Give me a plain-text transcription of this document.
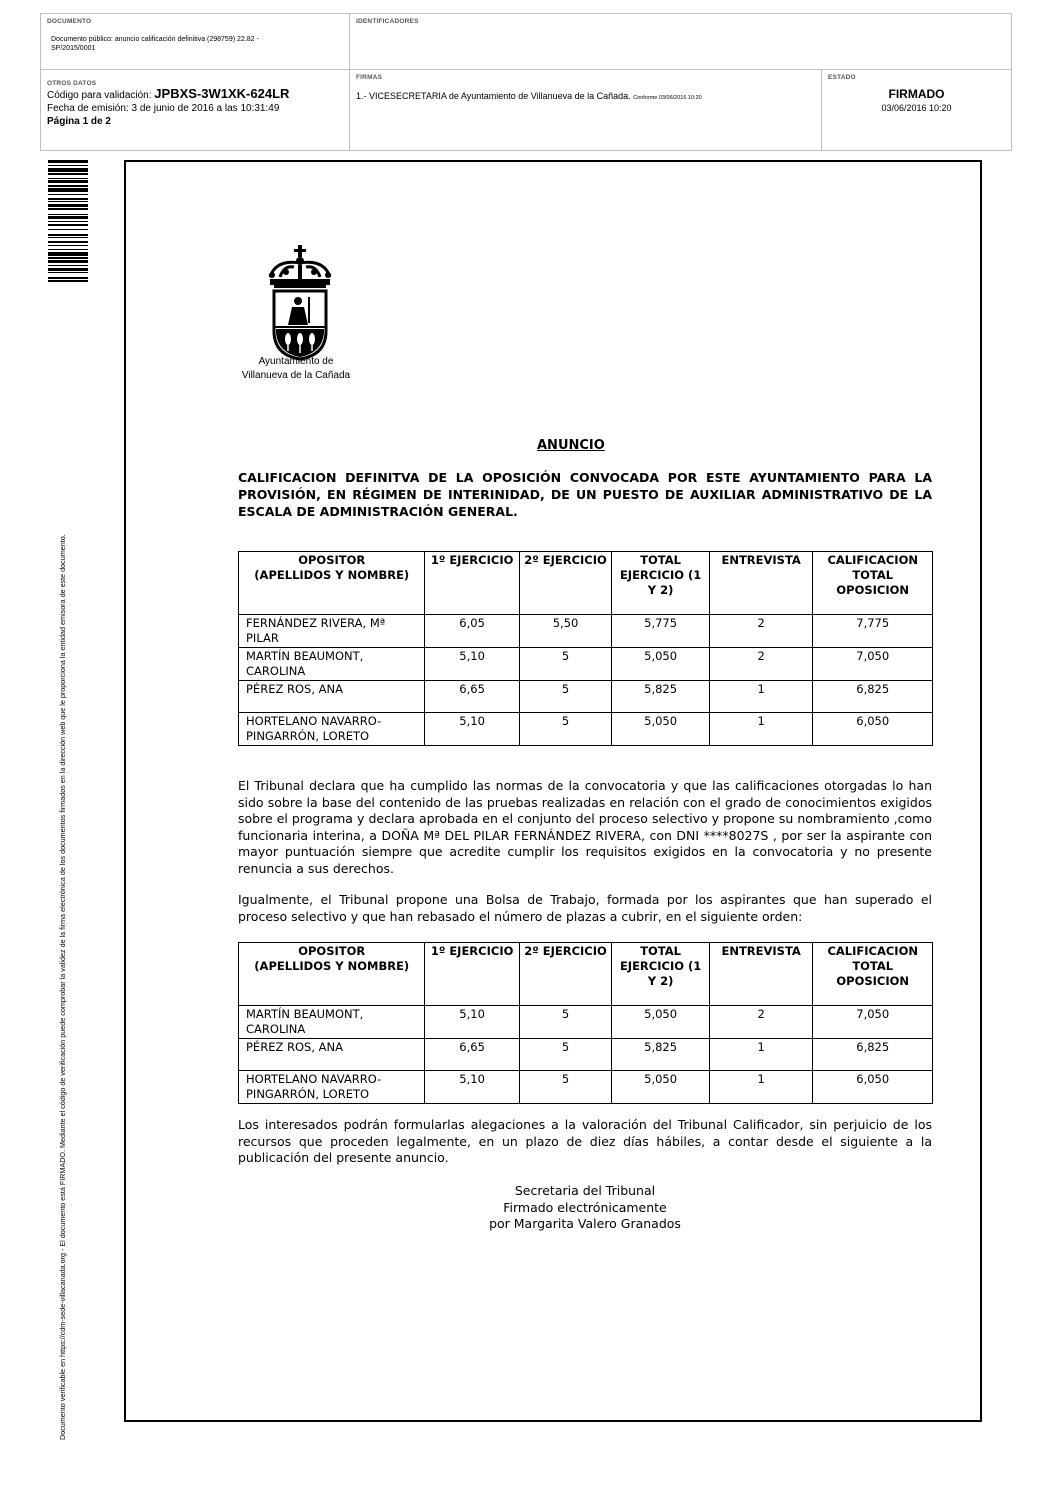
DOCUMENTO
Documento público: anuncio calificación definitiva (298759) 22.82 - SP/2015/0001
IDENTIFICADORES
OTROS DATOS
Código para validación: JPBXS-3W1XK-624LR
Fecha de emisión: 3 de junio de 2016 a las 10:31:49
Página 1 de 2
FIRMAS
1.- VICESECRETARIA de Ayuntamiento de Villanueva de la Cañada. Conforme 03/06/2016 10:20
ESTADO
FIRMADO
03/06/2016 10:20
Documento verificable en https://cdm-sede-villacanada.org - El documento está FIRMADO. Mediante el código de verificación puede comprobar la validez de la firma electrónica de los documentos firmados en la dirección web que le proporciona la entidad emisora de este documento.
Ayuntamiento de
Villanueva de la Cañada
ANUNCIO
CALIFICACION DEFINITVA DE LA OPOSICIÓN CONVOCADA POR ESTE AYUNTAMIENTO PARA LA PROVISIÓN, EN RÉGIMEN DE INTERINIDAD, DE UN PUESTO DE AUXILIAR ADMINISTRATIVO DE LA ESCALA DE ADMINISTRACIÓN GENERAL.
OPOSITOR
(APELLIDOS Y NOMBRE)	1º EJERCICIO	2º EJERCICIO	TOTAL EJERCICIO (1 Y 2)	ENTREVISTA	CALIFICACION TOTAL OPOSICION
FERNÁNDEZ RIVERA, Mª PILAR	6,05	5,50	5,775	2	7,775
MARTÍN BEAUMONT, CAROLINA	5,10	5	5,050	2	7,050
PÉREZ ROS, ANA	6,65	5	5,825	1	6,825
HORTELANO NAVARRO-PINGARRÓN, LORETO	5,10	5	5,050	1	6,050
El Tribunal declara que ha cumplido las normas de la convocatoria y que las calificaciones otorgadas lo han sido sobre la base del contenido de las pruebas realizadas en relación con el grado de conocimientos exigidos sobre el programa y declara aprobada en el conjunto del proceso selectivo y propone su nombramiento ,como funcionaria interina, a DOÑA Mª DEL PILAR FERNÁNDEZ RIVERA, con DNI ****8027S , por ser la aspirante con mayor puntuación siempre que acredite cumplir los requisitos exigidos en la convocatoria y no presente renuncia a sus derechos.
Igualmente, el Tribunal propone una Bolsa de Trabajo, formada por los aspirantes que han superado el proceso selectivo y que han rebasado el número de plazas a cubrir, en el siguiente orden:
OPOSITOR
(APELLIDOS Y NOMBRE)	1º EJERCICIO	2º EJERCICIO	TOTAL EJERCICIO (1 Y 2)	ENTREVISTA	CALIFICACION TOTAL OPOSICION
MARTÍN BEAUMONT, CAROLINA	5,10	5	5,050	2	7,050
PÉREZ ROS, ANA	6,65	5	5,825	1	6,825
HORTELANO NAVARRO-PINGARRÓN, LORETO	5,10	5	5,050	1	6,050
Los interesados podrán formularlas alegaciones a la valoración del Tribunal Calificador, sin perjuicio de los recursos que proceden legalmente, en un plazo de diez días hábiles, a contar desde el siguiente a la publicación del presente anuncio.
Secretaria del Tribunal
Firmado electrónicamente
por Margarita Valero Granados
